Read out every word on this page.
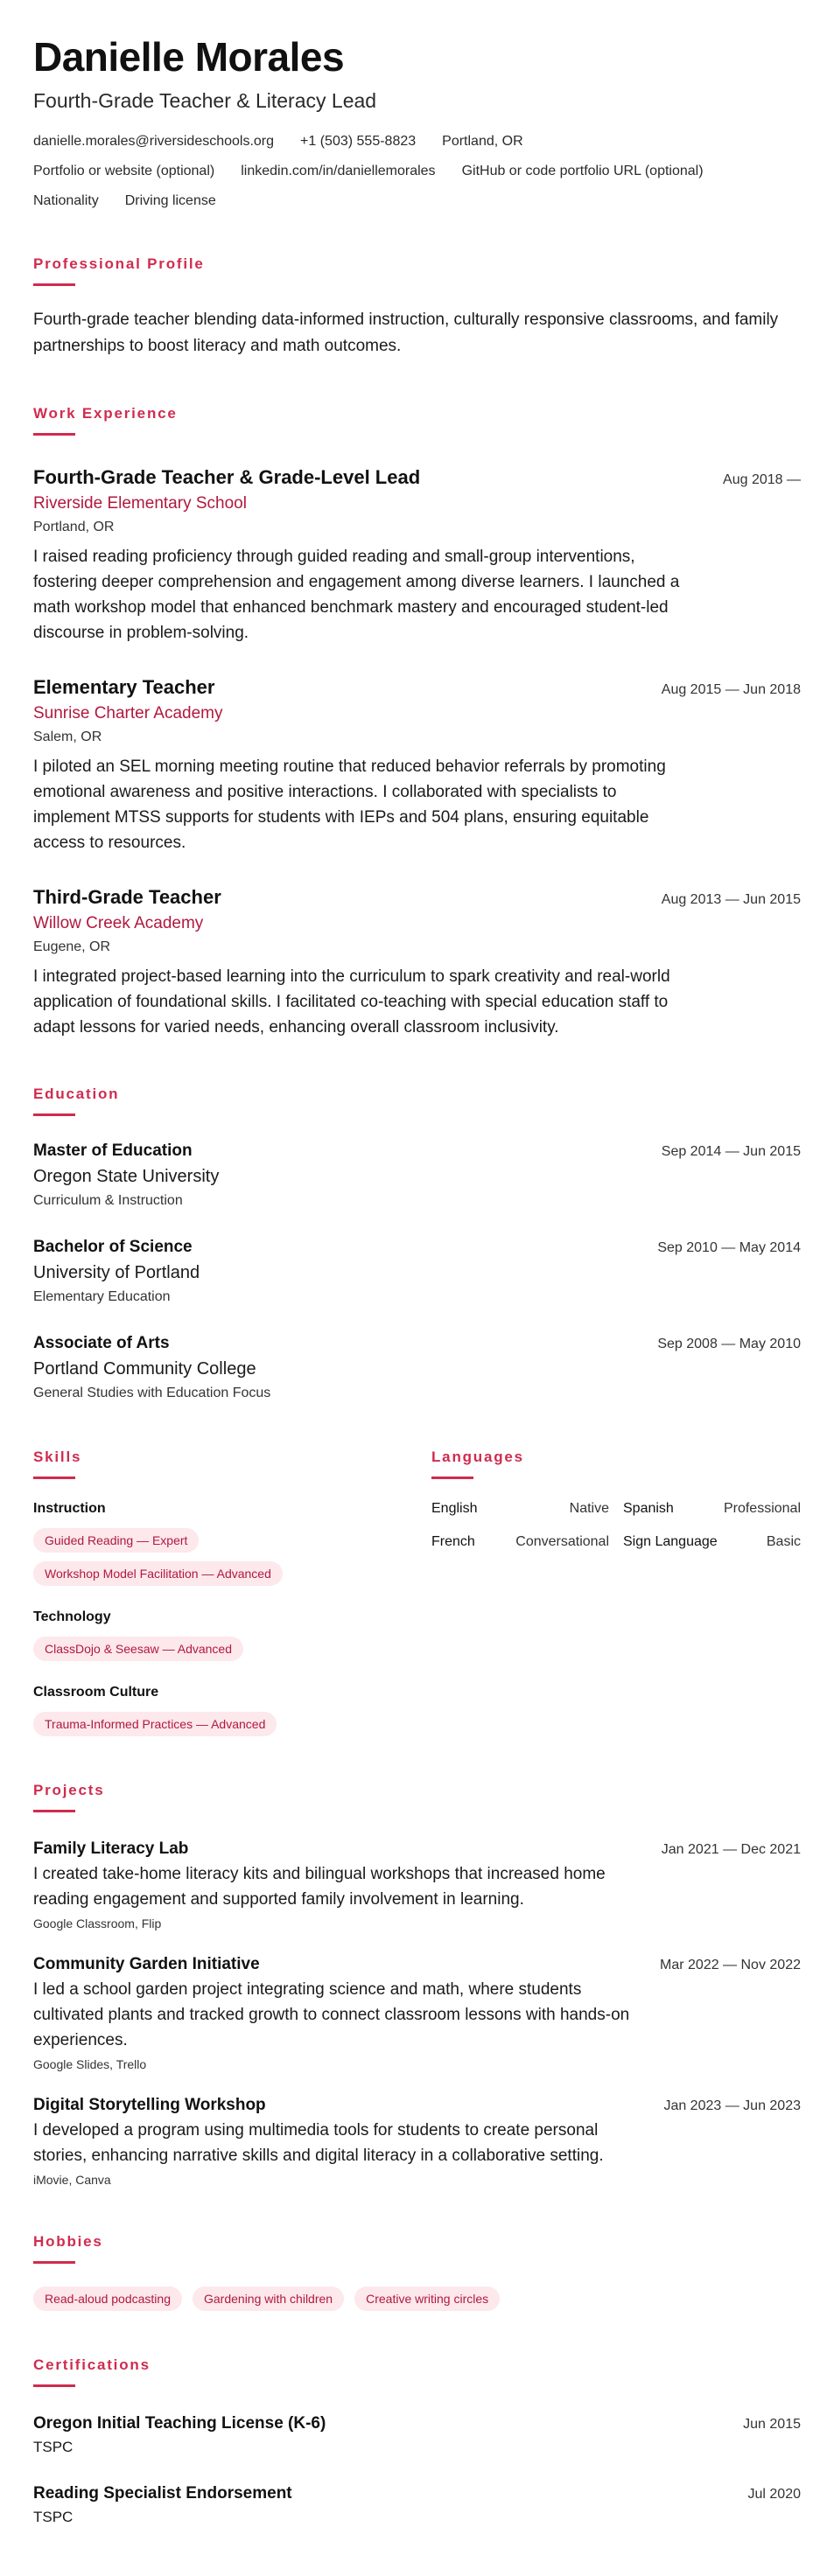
Danielle Morales
Fourth-Grade Teacher & Literacy Lead
danielle.morales@riversideschools.org +1 (503) 555-8823 Portland, OR
Portfolio or website (optional) linkedin.com/in/daniellemorales GitHub or code portfolio URL (optional)
Nationality Driving license
Professional Profile
Fourth-grade teacher blending data-informed instruction, culturally responsive classrooms, and family partnerships to boost literacy and math outcomes.
Work Experience
Fourth-Grade Teacher & Grade-Level Lead	Aug 2018 —
Riverside Elementary School
Portland, OR
I raised reading proficiency through guided reading and small-group interventions, fostering deeper comprehension and engagement among diverse learners. I launched a math workshop model that enhanced benchmark mastery and encouraged student-led discourse in problem-solving.
Elementary Teacher	Aug 2015 — Jun 2018
Sunrise Charter Academy
Salem, OR
I piloted an SEL morning meeting routine that reduced behavior referrals by promoting emotional awareness and positive interactions. I collaborated with specialists to implement MTSS supports for students with IEPs and 504 plans, ensuring equitable access to resources.
Third-Grade Teacher	Aug 2013 — Jun 2015
Willow Creek Academy
Eugene, OR
I integrated project-based learning into the curriculum to spark creativity and real-world application of foundational skills. I facilitated co-teaching with special education staff to adapt lessons for varied needs, enhancing overall classroom inclusivity.
Education
Master of Education	Sep 2014 — Jun 2015
Oregon State University
Curriculum & Instruction
Bachelor of Science	Sep 2010 — May 2014
University of Portland
Elementary Education
Associate of Arts	Sep 2008 — May 2010
Portland Community College
General Studies with Education Focus
Skills
Instruction
Guided Reading — Expert
Workshop Model Facilitation — Advanced
Technology
ClassDojo & Seesaw — Advanced
Classroom Culture
Trauma-Informed Practices — Advanced
Languages
English	Native Spanish	Professional
French	Conversational Sign Language	Basic
Projects
Family Literacy Lab	Jan 2021 — Dec 2021
I created take-home literacy kits and bilingual workshops that increased home reading engagement and supported family involvement in learning.
Google Classroom, Flip
Community Garden Initiative	Mar 2022 — Nov 2022
I led a school garden project integrating science and math, where students cultivated plants and tracked growth to connect classroom lessons with hands-on experiences.
Google Slides, Trello
Digital Storytelling Workshop	Jan 2023 — Jun 2023
I developed a program using multimedia tools for students to create personal stories, enhancing narrative skills and digital literacy in a collaborative setting.
iMovie, Canva
Hobbies
Read-aloud podcasting	Gardening with children	Creative writing circles
Certifications
Oregon Initial Teaching License (K-6)	Jun 2015
TSPC
Reading Specialist Endorsement	Jul 2020
TSPC
